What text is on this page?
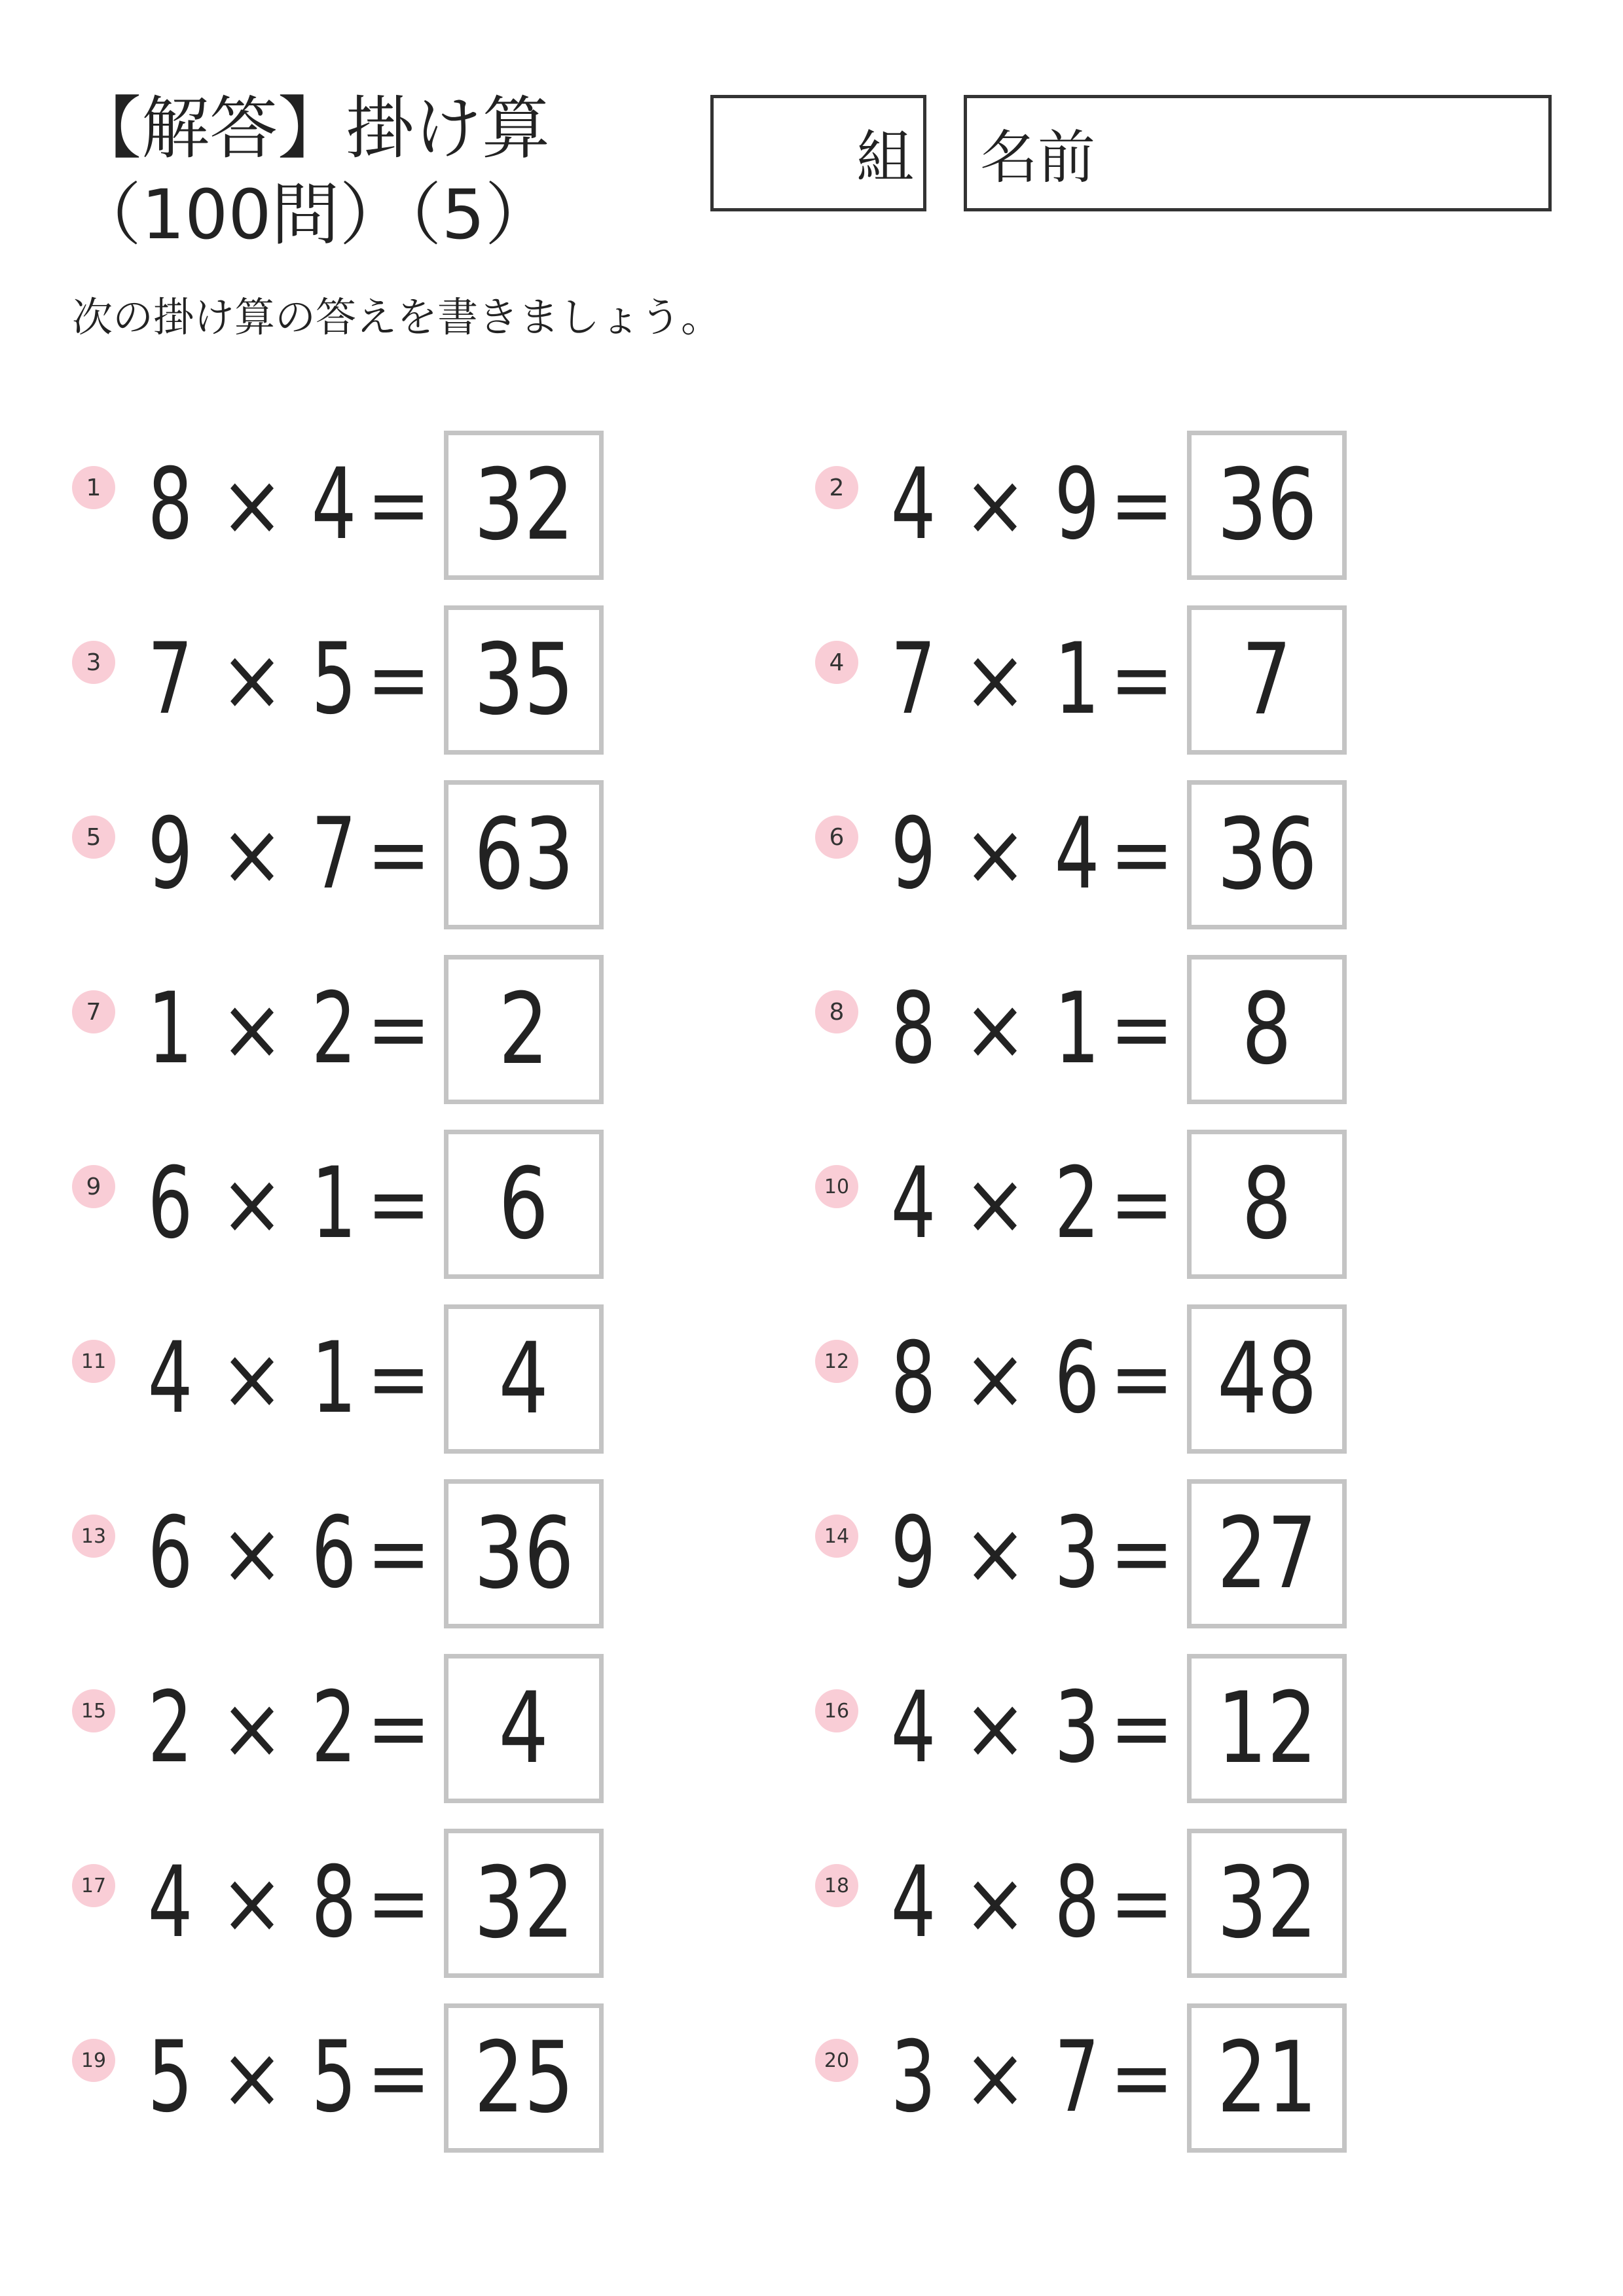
【解答】掛け算
（100問）（5）
組 名前
次の掛け算の答えを書きましょう。
1 8 × 4 = 32	2 4 × 9 = 36
3 7 × 5 = 35	4 7 × 1 = 7
5 9 × 7 = 63	6 9 × 4 = 36
7 1 × 2 = 2	8 8 × 1 = 8
9 6 × 1 = 6	10 4 × 2 = 8
11 4 × 1 = 4	12 8 × 6 = 48
13 6 × 6 = 36	14 9 × 3 = 27
15 2 × 2 = 4	16 4 × 3 = 12
17 4 × 8 = 32	18 4 × 8 = 32
19 5 × 5 = 25	20 3 × 7 = 21
